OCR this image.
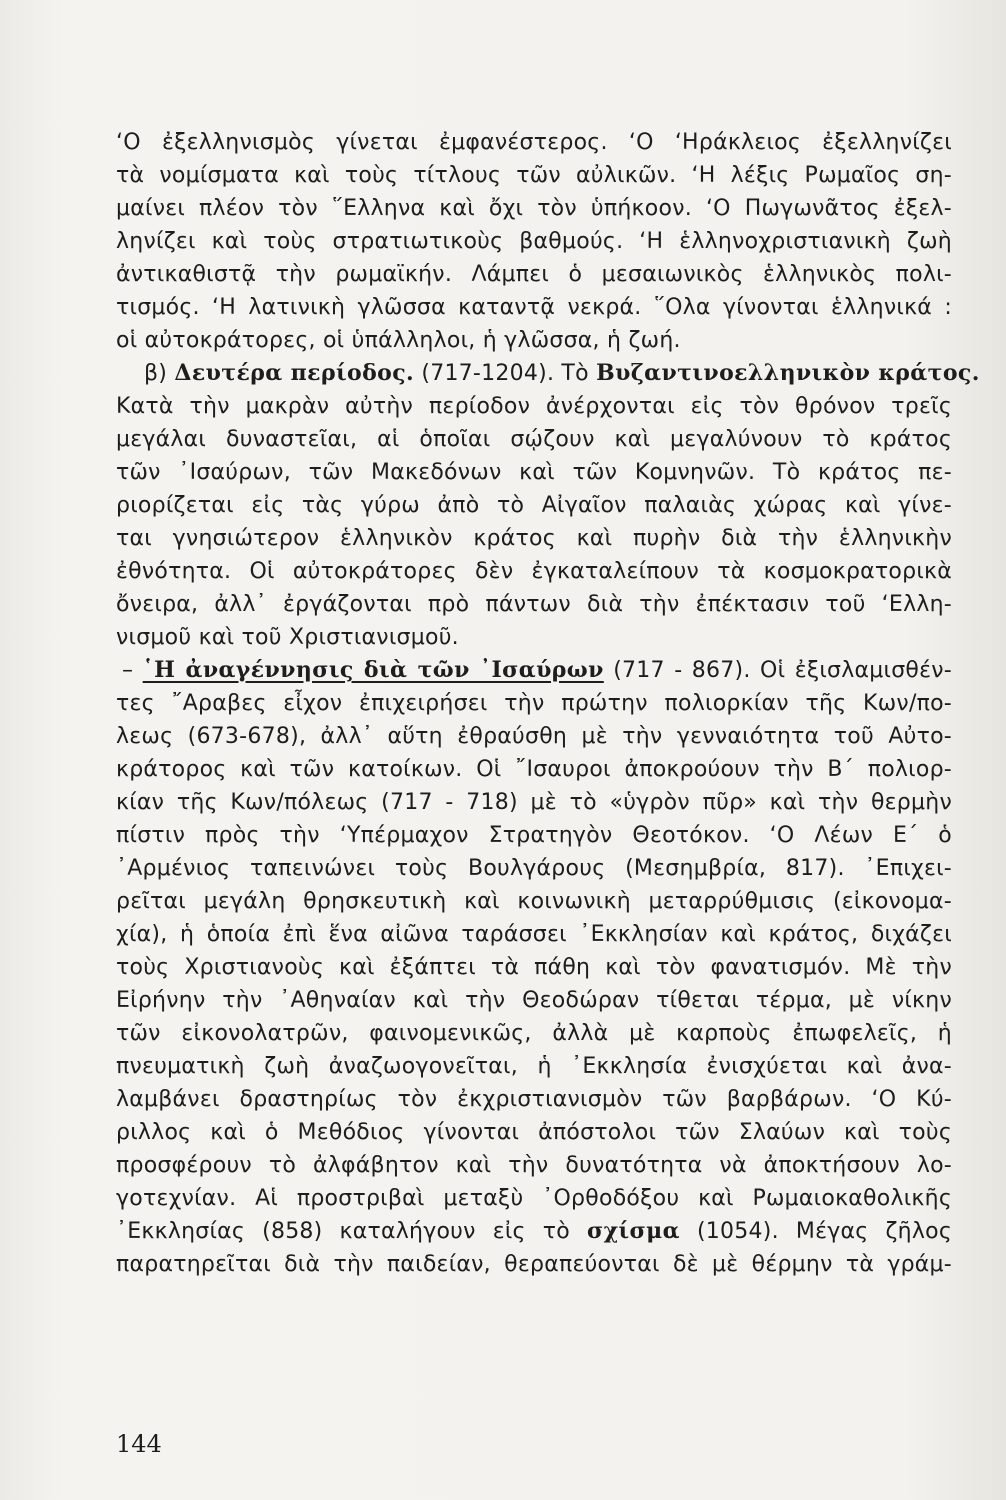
‘Ο ἐξελληνισμὸς γίνεται ἐμφανέστερος. ‘Ο ‘Ηράκλειος ἐξελληνίζει
τὰ νομίσματα καὶ τοὺς τίτλους τῶν αὐλικῶν. ‘Η λέξις Ρωμαῖος ση-
μαίνει πλέον τὸν ῞Ελληνα καὶ ὄχι τὸν ὑπήκοον. ‘Ο Πωγωνᾶτος ἐξελ-
ληνίζει καὶ τοὺς στρατιωτικοὺς βαθμούς. ‘Η ἑλληνοχριστιανικὴ ζωὴ
ἀντικαθιστᾷ τὴν ρωμαϊκήν. Λάμπει ὁ μεσαιωνικὸς ἑλληνικὸς πολι-
τισμός. ‘Η λατινικὴ γλῶσσα καταντᾷ νεκρά. ῞Ολα γίνονται ἑλληνικά :
οἱ αὐτοκράτορες, οἱ ὑπάλληλοι, ἡ γλῶσσα, ἡ ζωή.
β) Δευτέρα περίοδος. (717-1204). Τὸ Βυζαντινοελληνικὸν κράτος.
Κατὰ τὴν μακρὰν αὐτὴν περίοδον ἀνέρχονται εἰς τὸν θρόνον τρεῖς
μεγάλαι δυναστεῖαι, αἱ ὁποῖαι σῴζουν καὶ μεγαλύνουν τὸ κράτος
τῶν ᾿Ισαύρων, τῶν Μακεδόνων καὶ τῶν Κομνηνῶν. Τὸ κράτος πε-
ριορίζεται εἰς τὰς γύρω ἀπὸ τὸ Αἰγαῖον παλαιὰς χώρας καὶ γίνε-
ται γνησιώτερον ἑλληνικὸν κράτος καὶ πυρὴν διὰ τὴν ἑλληνικὴν
ἐθνότητα. Οἱ αὐτοκράτορες δὲν ἐγκαταλείπουν τὰ κοσμοκρατορικὰ
ὄνειρα, ἀλλ᾿ ἐργάζονται πρὸ πάντων διὰ τὴν ἐπέκτασιν τοῦ ‘Ελλη-
νισμοῦ καὶ τοῦ Χριστιανισμοῦ.
– ῾Η ἀναγέννησις διὰ τῶν ᾿Ισαύρων (717 - 867). Οἱ ἐξισλαμισθέν-
τες ῎Αραβες εἶχον ἐπιχειρήσει τὴν πρώτην πολιορκίαν τῆς Κων/πο-
λεως (673-678), ἀλλ᾿ αὕτη ἐθραύσθη μὲ τὴν γενναιότητα τοῦ Αὐτο-
κράτορος καὶ τῶν κατοίκων. Οἱ ῎Ισαυροι ἀποκρούουν τὴν Β΄ πολιορ-
κίαν τῆς Κων/πόλεως (717 - 718) μὲ τὸ «ὑγρὸν πῦρ» καὶ τὴν θερμὴν
πίστιν πρὸς τὴν ‘Υπέρμαχον Στρατηγὸν Θεοτόκον. ‘Ο Λέων Ε΄ ὁ
᾿Αρμένιος ταπεινώνει τοὺς Βουλγάρους (Μεσημβρία, 817). ᾿Επιχει-
ρεῖται μεγάλη θρησκευτικὴ καὶ κοινωνικὴ μεταρρύθμισις (εἰκονομα-
χία), ἡ ὁποία ἐπὶ ἕνα αἰῶνα ταράσσει ᾿Εκκλησίαν καὶ κράτος, διχάζει
τοὺς Χριστιανοὺς καὶ ἐξάπτει τὰ πάθη καὶ τὸν φανατισμόν. Μὲ τὴν
Εἰρήνην τὴν ᾿Αθηναίαν καὶ τὴν Θεοδώραν τίθεται τέρμα, μὲ νίκην
τῶν εἰκονολατρῶν, φαινομενικῶς, ἀλλὰ μὲ καρποὺς ἐπωφελεῖς, ἡ
πνευματικὴ ζωὴ ἀναζωογονεῖται, ἡ ᾿Εκκλησία ἐνισχύεται καὶ ἀνα-
λαμβάνει δραστηρίως τὸν ἐκχριστιανισμὸν τῶν βαρβάρων. ‘Ο Κύ-
ριλλος καὶ ὁ Μεθόδιος γίνονται ἀπόστολοι τῶν Σλαύων καὶ τοὺς
προσφέρουν τὸ ἀλφάβητον καὶ τὴν δυνατότητα νὰ ἀποκτήσουν λο-
γοτεχνίαν. Αἱ προστριβαὶ μεταξὺ ᾿Ορθοδόξου καὶ Ρωμαιοκαθολικῆς
᾿Εκκλησίας (858) καταλήγουν εἰς τὸ σχίσμα (1054). Μέγας ζῆλος
παρατηρεῖται διὰ τὴν παιδείαν, θεραπεύονται δὲ μὲ θέρμην τὰ γράμ-
144
